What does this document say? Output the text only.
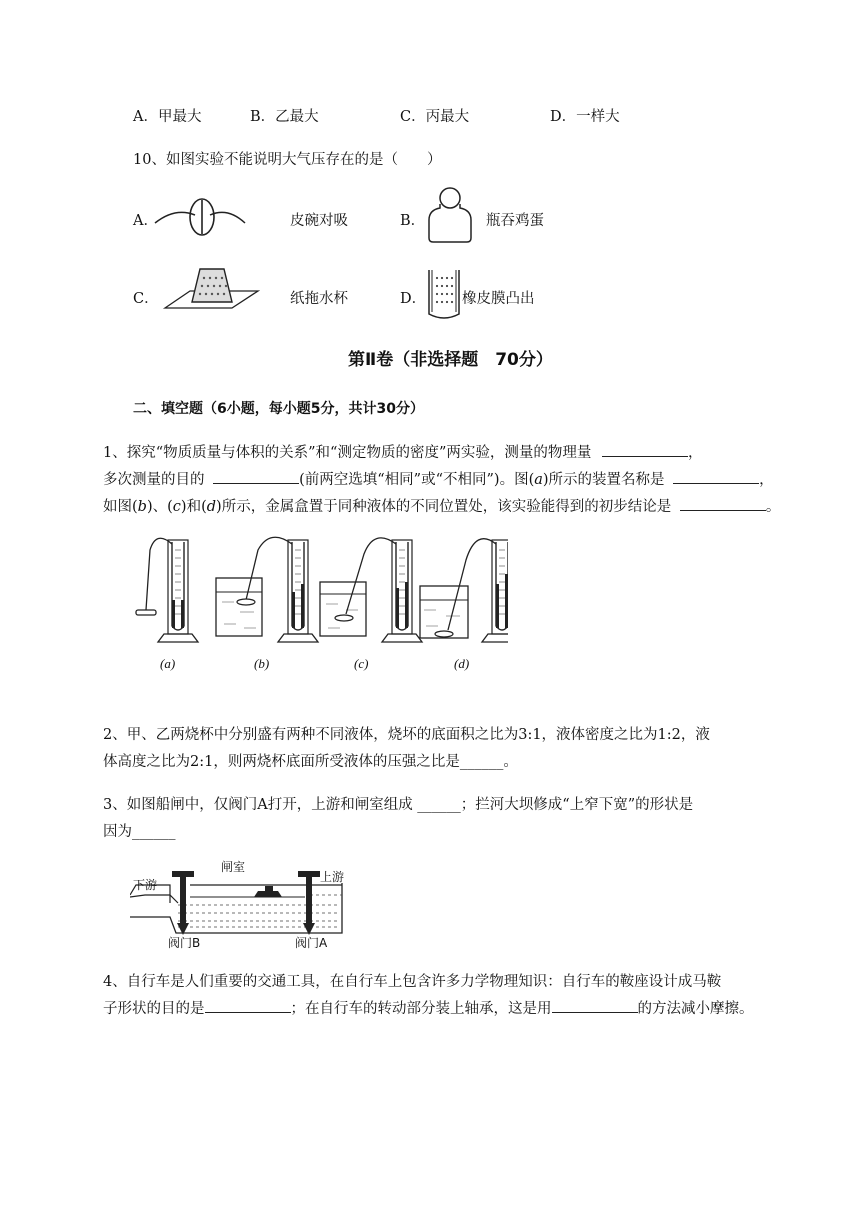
A．甲最大	B．乙最大	C．丙最大	D．一样大
10、如图实验不能说明大气压存在的是（　　）
A．	皮碗对吸	B．	瓶吞鸡蛋
C．	纸拖水杯	D． 橡皮膜凸出
第Ⅱ卷（非选择题　70分）
二、填空题（6小题，每小题5分，共计30分）
1、探究“物质质量与体积的关系”和“测定物质的密度”两实验，测量的物理量	，
多次测量的目的	(前两空选填“相同”或“不相同”)。图(a)所示的装置名称是	，
如图(b)、(c)和(d)所示，金属盒置于同种液体的不同位置处，该实验能得到的初步结论是	。
(a)	(b)	(c)	(d)
2、甲、乙两烧杯中分别盛有两种不同液体，烧坏的底面积之比为3:1，液体密度之比为1:2，液
体高度之比为2:1，则两烧杯底面所受液体的压强之比是______。
3、如图船闸中，仅阀门A打开，上游和闸室组成 ______；拦河大坝修成“上窄下宽”的形状是
因为______
下游
闸室
上游
阀门B	阀门A
4、自行车是人们重要的交通工具，在自行车上包含许多力学物理知识：自行车的鞍座设计成马鞍
子形状的目的是	；在自行车的转动部分装上轴承，这是用	的方法减小摩擦。
